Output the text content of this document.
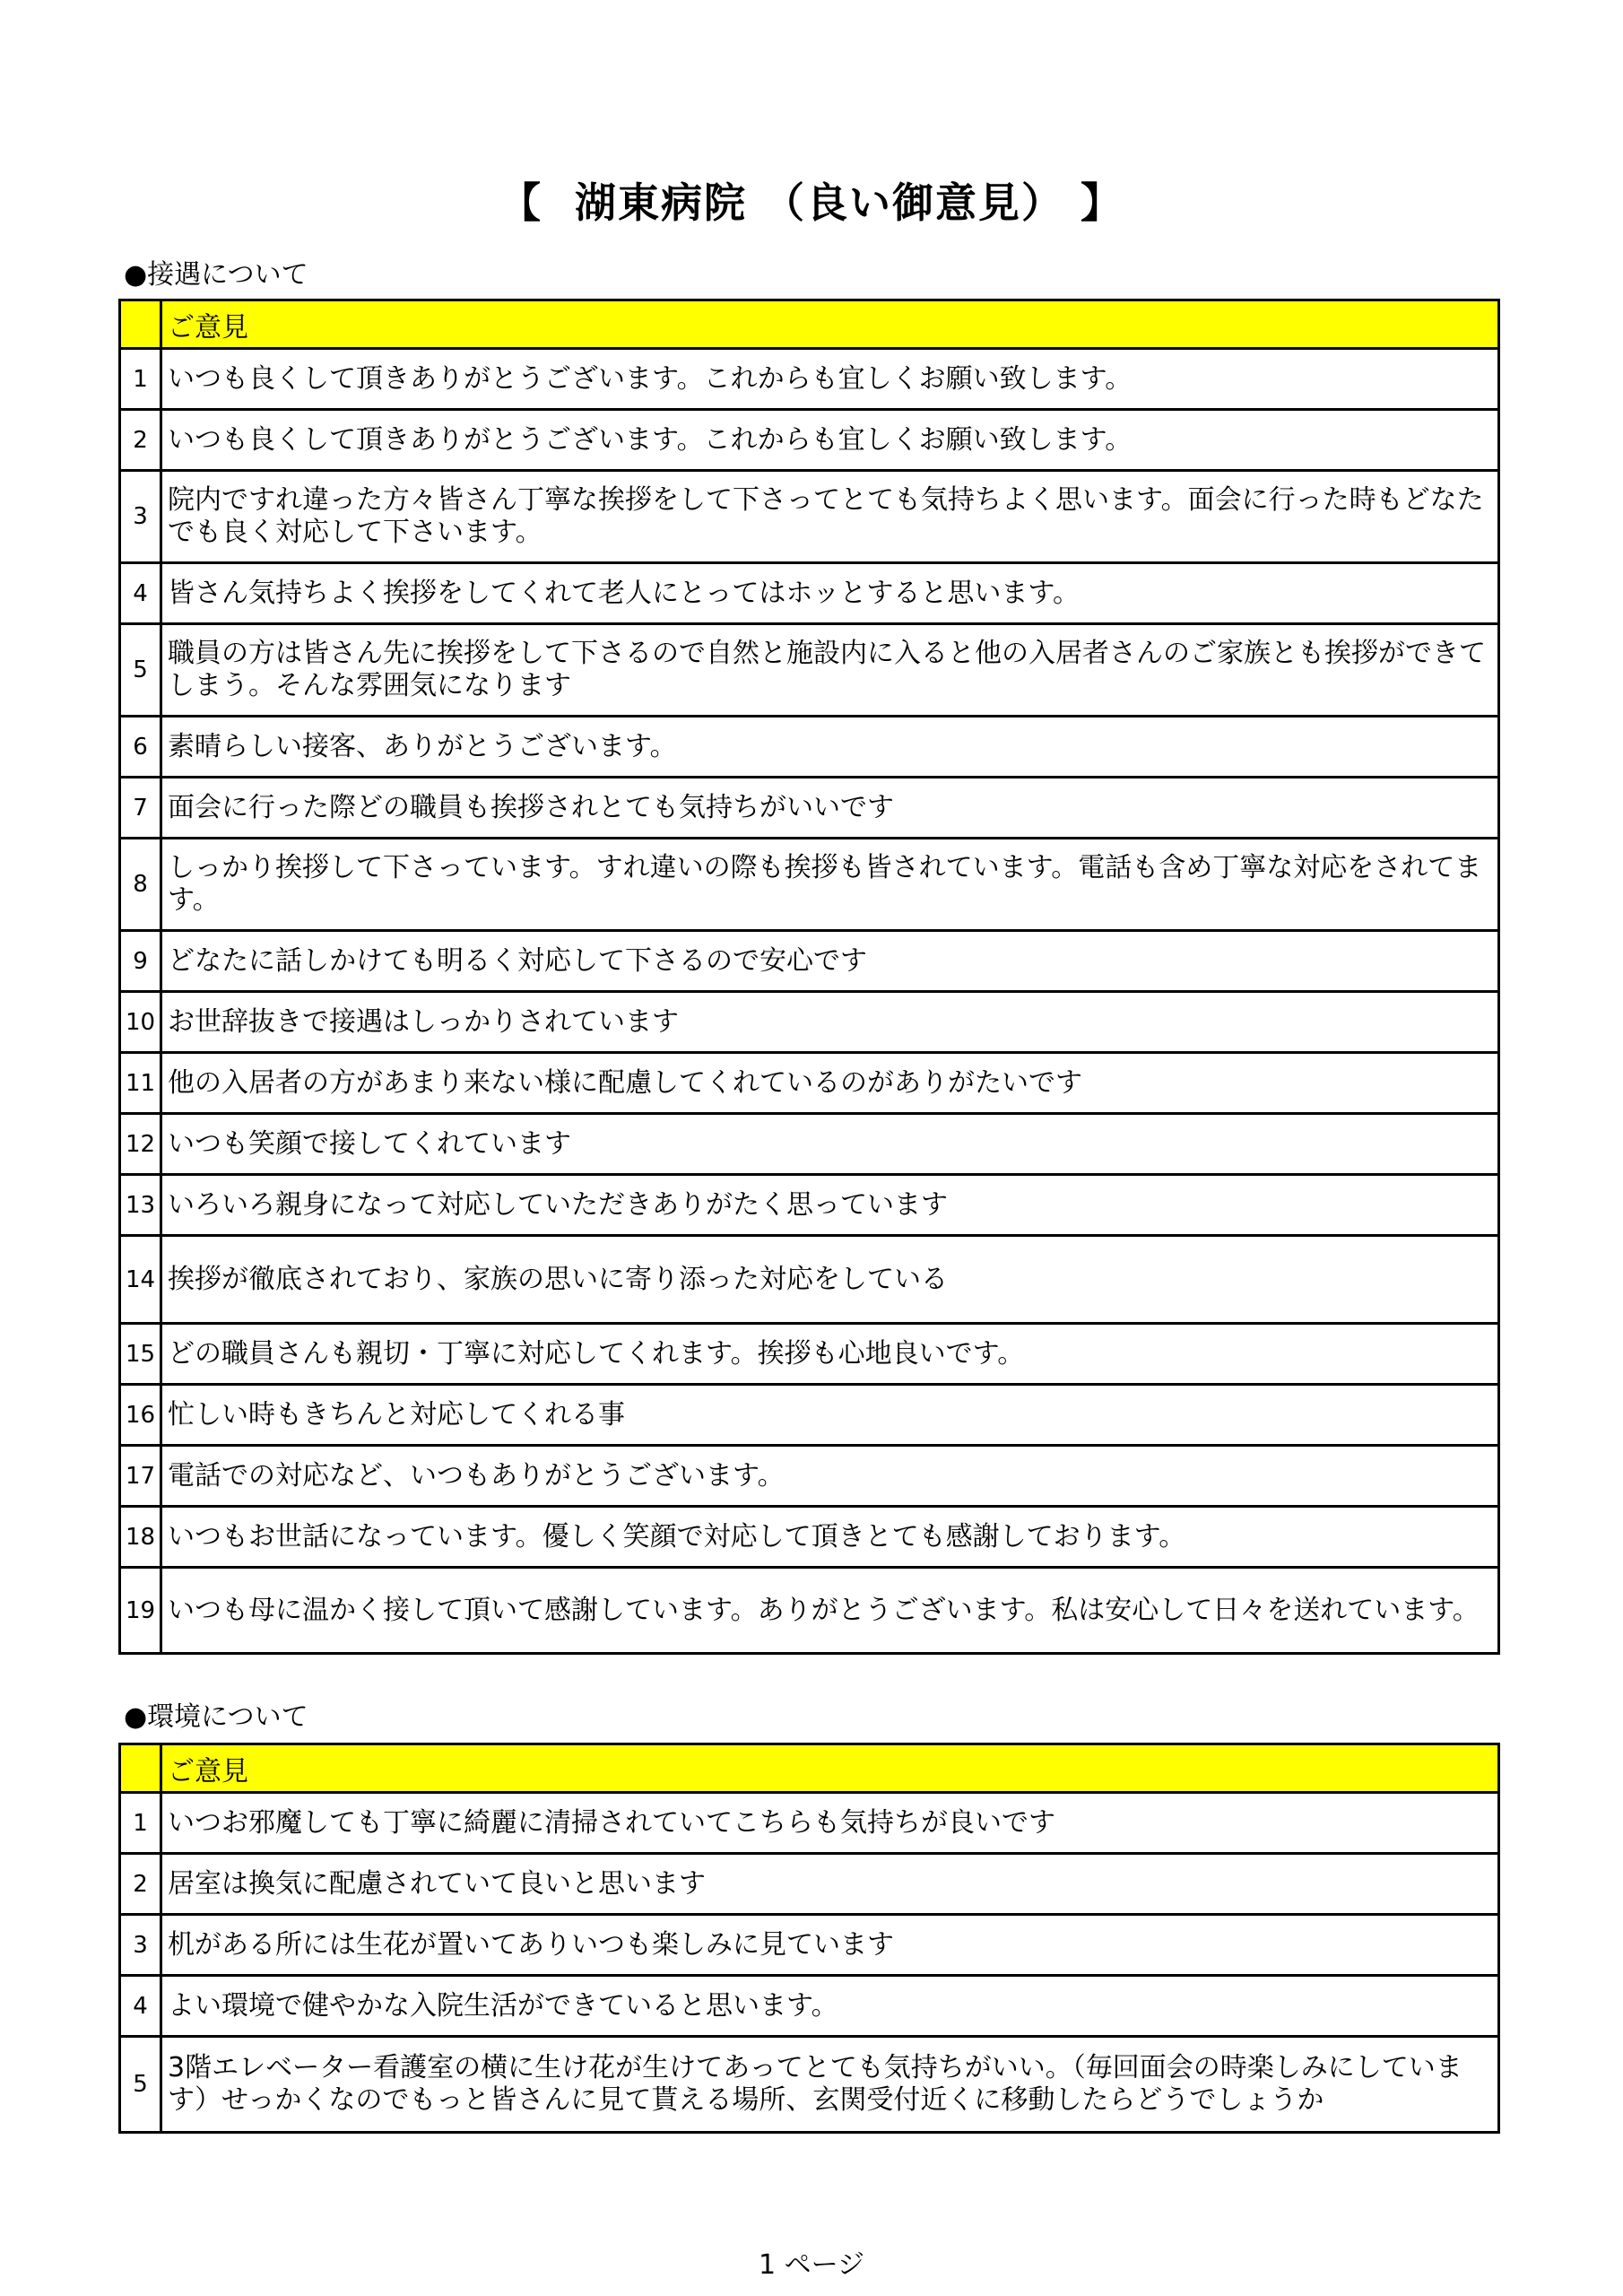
【  湖東病院 （良い御意見） 】
●接遇について
	ご意見
1	いつも良くして頂きありがとうございます。これからも宜しくお願い致します。
2	いつも良くして頂きありがとうございます。これからも宜しくお願い致します。
3	院内ですれ違った方々皆さん丁寧な挨拶をして下さってとても気持ちよく思います。面会に行った時もどなたでも良く対応して下さいます。
4	皆さん気持ちよく挨拶をしてくれて老人にとってはホッとすると思います。
5	職員の方は皆さん先に挨拶をして下さるので自然と施設内に入ると他の入居者さんのご家族とも挨拶ができてしまう。そんな雰囲気になります
6	素晴らしい接客、ありがとうございます。
7	面会に行った際どの職員も挨拶されとても気持ちがいいです
8	しっかり挨拶して下さっています。すれ違いの際も挨拶も皆されています。電話も含め丁寧な対応をされてます。
9	どなたに話しかけても明るく対応して下さるので安心です
10	お世辞抜きで接遇はしっかりされています
11	他の入居者の方があまり来ない様に配慮してくれているのがありがたいです
12	いつも笑顔で接してくれています
13	いろいろ親身になって対応していただきありがたく思っています
14	挨拶が徹底されており、家族の思いに寄り添った対応をしている
15	どの職員さんも親切・丁寧に対応してくれます。挨拶も心地良いです。
16	忙しい時もきちんと対応してくれる事
17	電話での対応など、いつもありがとうございます。
18	いつもお世話になっています。優しく笑顔で対応して頂きとても感謝しております。
19	いつも母に温かく接して頂いて感謝しています。ありがとうございます。私は安心して日々を送れています。
●環境について
	ご意見
1	いつお邪魔しても丁寧に綺麗に清掃されていてこちらも気持ちが良いです
2	居室は換気に配慮されていて良いと思います
3	机がある所には生花が置いてありいつも楽しみに見ています
4	よい環境で健やかな入院生活ができていると思います。
5	3階エレベーター看護室の横に生け花が生けてあってとても気持ちがいい。（毎回面会の時楽しみにしています）せっかくなのでもっと皆さんに見て貰える場所、玄関受付近くに移動したらどうでしょうか
1 ページ
